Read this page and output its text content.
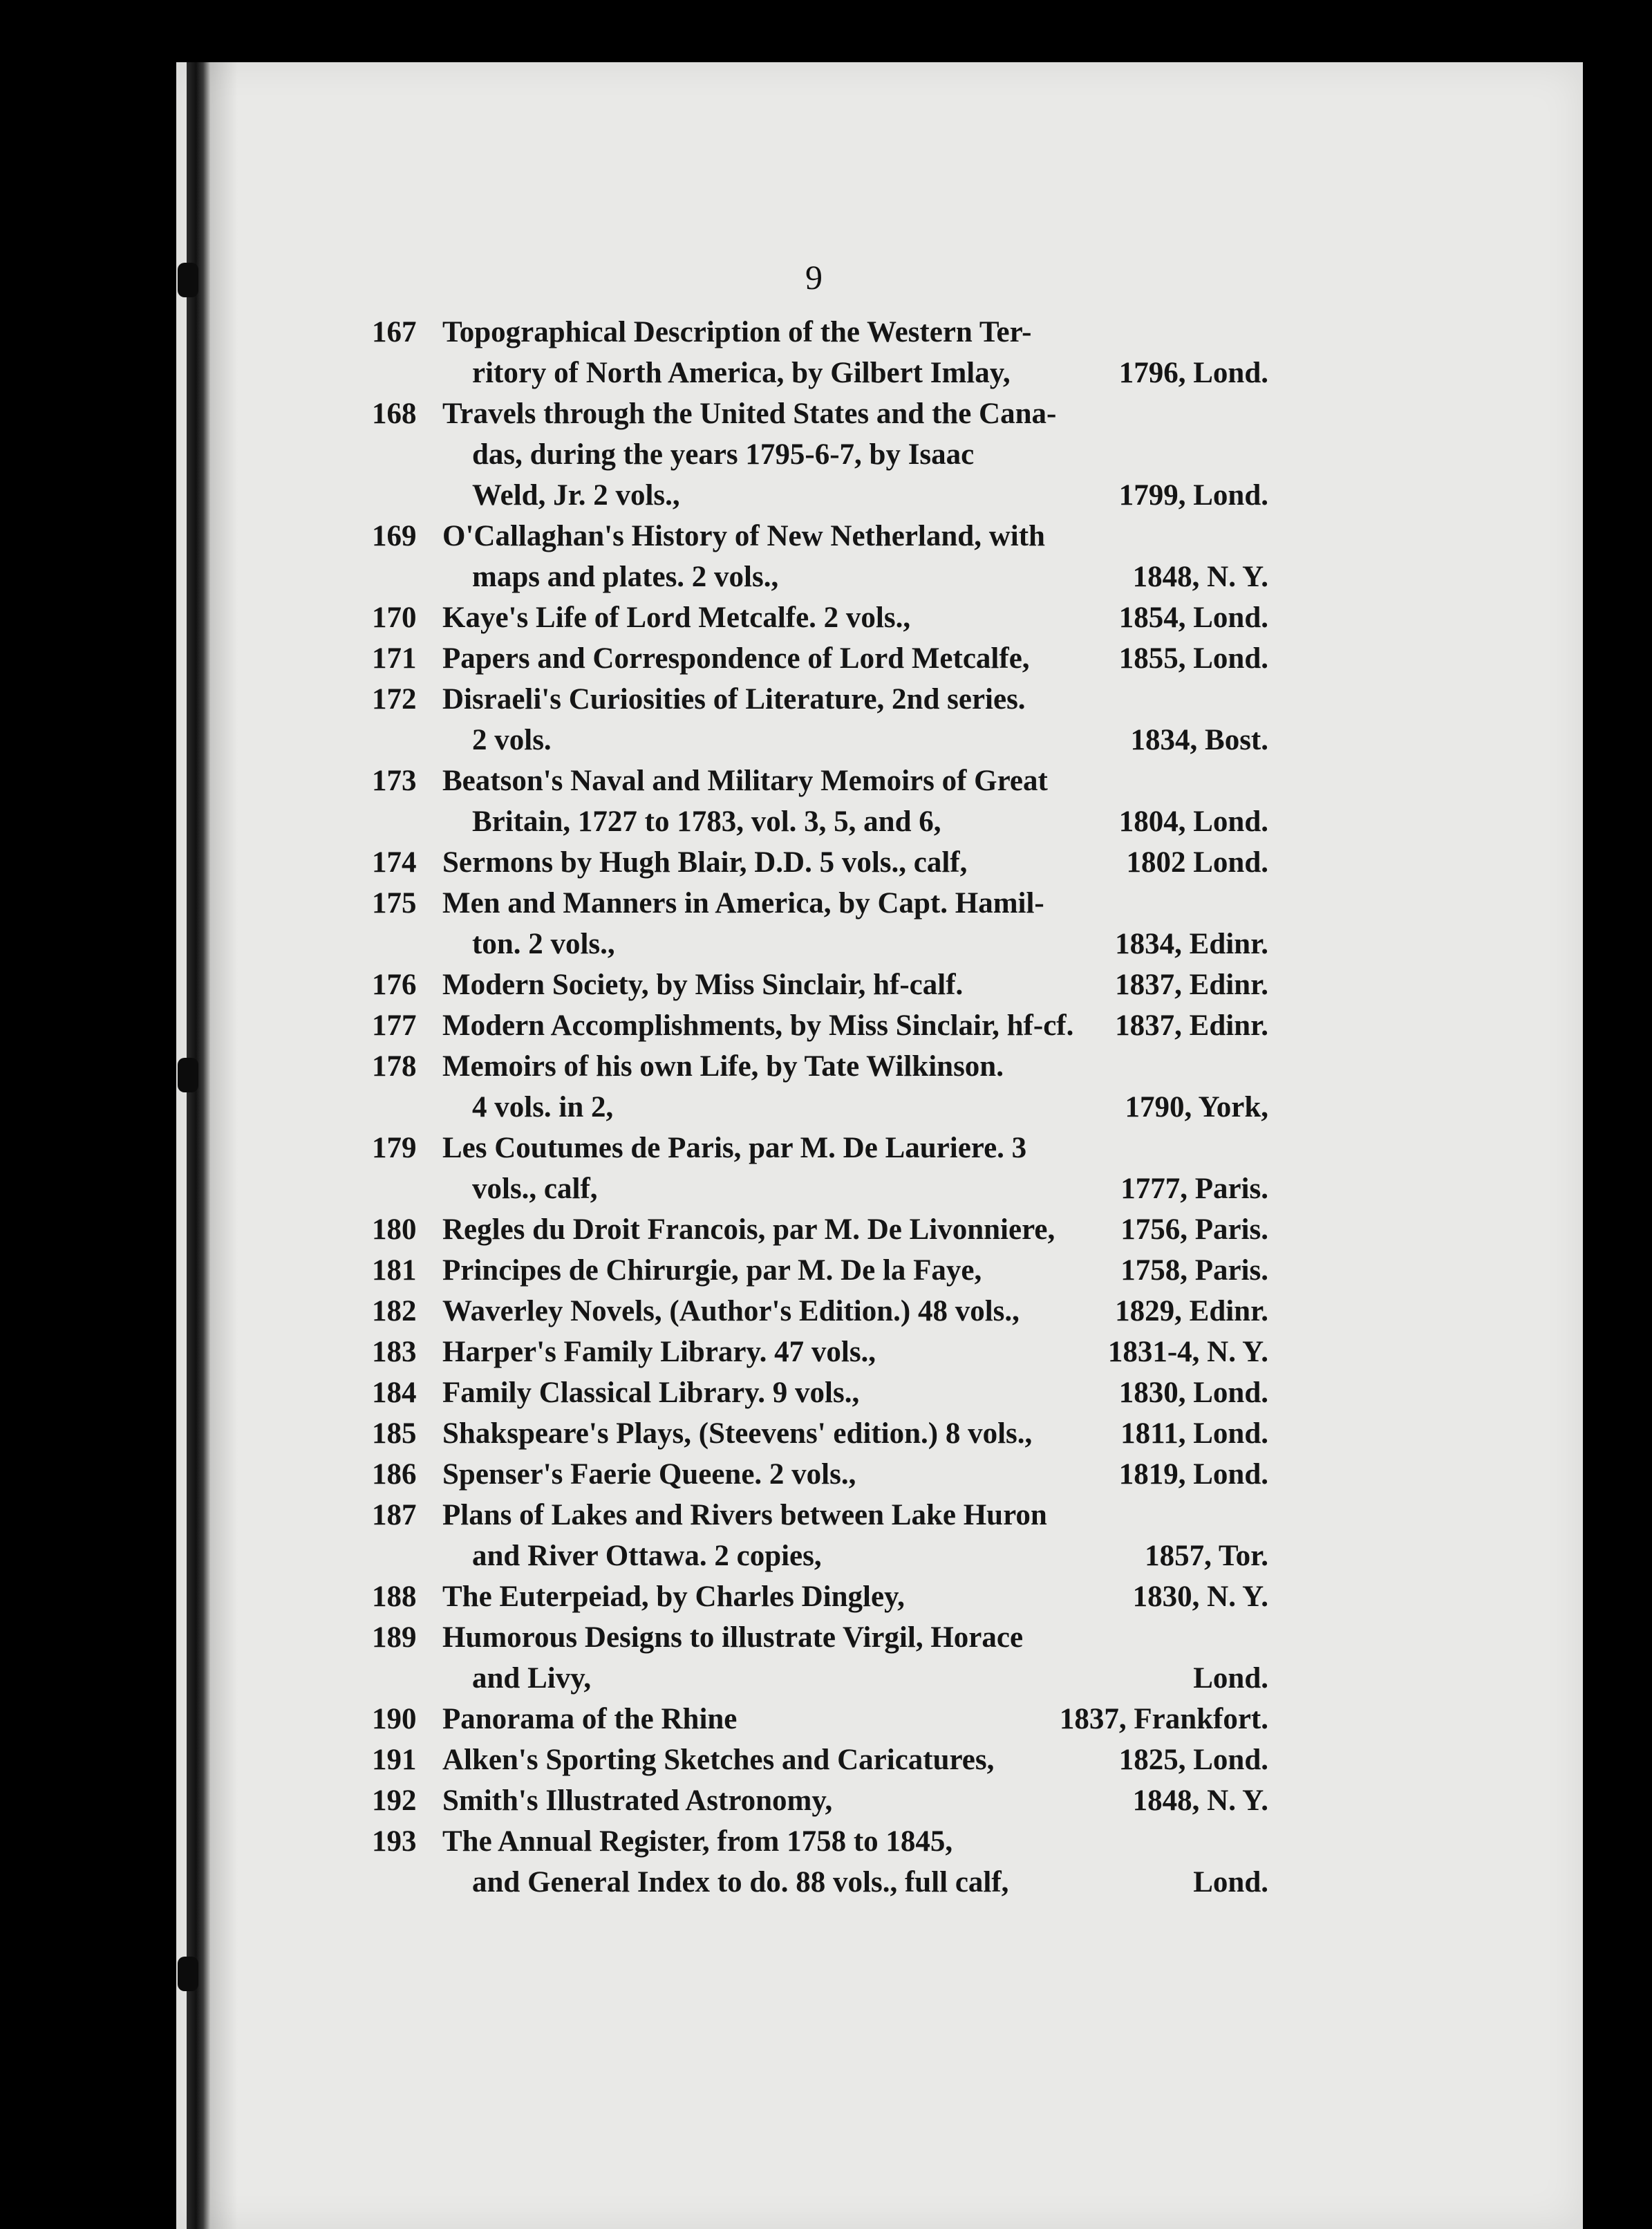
9
167 Topographical Description of the Western Ter-
ritory of North America, by Gilbert Imlay,	1796, Lond.
168 Travels through the United States and the Cana-
das, during the years 1795-6-7, by Isaac
Weld, Jr. 2 vols.,	1799, Lond.
169 O'Callaghan's History of New Netherland, with
maps and plates. 2 vols.,	1848, N. Y.
170 Kaye's Life of Lord Metcalfe. 2 vols.,	1854, Lond.
171 Papers and Correspondence of Lord Metcalfe,	1855, Lond.
172 Disraeli's Curiosities of Literature, 2nd series.
2 vols.	1834, Bost.
173 Beatson's Naval and Military Memoirs of Great
Britain, 1727 to 1783, vol. 3, 5, and 6,	1804, Lond.
174 Sermons by Hugh Blair, D.D. 5 vols., calf,	1802 Lond.
175 Men and Manners in America, by Capt. Hamil-
ton. 2 vols.,	1834, Edinr.
176 Modern Society, by Miss Sinclair, hf-calf.	1837, Edinr.
177 Modern Accomplishments, by Miss Sinclair, hf-cf. 1837, Edinr.
178 Memoirs of his own Life, by Tate Wilkinson.
4 vols. in 2,	1790, York,
179 Les Coutumes de Paris, par M. De Lauriere. 3
vols., calf,	1777, Paris.
180 Regles du Droit Francois, par M. De Livonniere, 1756, Paris.
181 Principes de Chirurgie, par M. De la Faye,	1758, Paris.
182 Waverley Novels, (Author's Edition.) 48 vols.,	1829, Edinr.
183 Harper's Family Library. 47 vols.,	1831-4, N. Y.
184 Family Classical Library. 9 vols.,	1830, Lond.
185 Shakspeare's Plays, (Steevens' edition.) 8 vols.,	1811, Lond.
186 Spenser's Faerie Queene. 2 vols.,	1819, Lond.
187 Plans of Lakes and Rivers between Lake Huron
and River Ottawa. 2 copies,	1857, Tor.
188 The Euterpeiad, by Charles Dingley,	1830, N. Y.
189 Humorous Designs to illustrate Virgil, Horace
and Livy,	Lond.
190 Panorama of the Rhine	1837, Frankfort.
191 Alken's Sporting Sketches and Caricatures,	1825, Lond.
192 Smith's Illustrated Astronomy,	1848, N. Y.
193 The Annual Register, from 1758 to 1845,
and General Index to do. 88 vols., full calf,	Lond.
